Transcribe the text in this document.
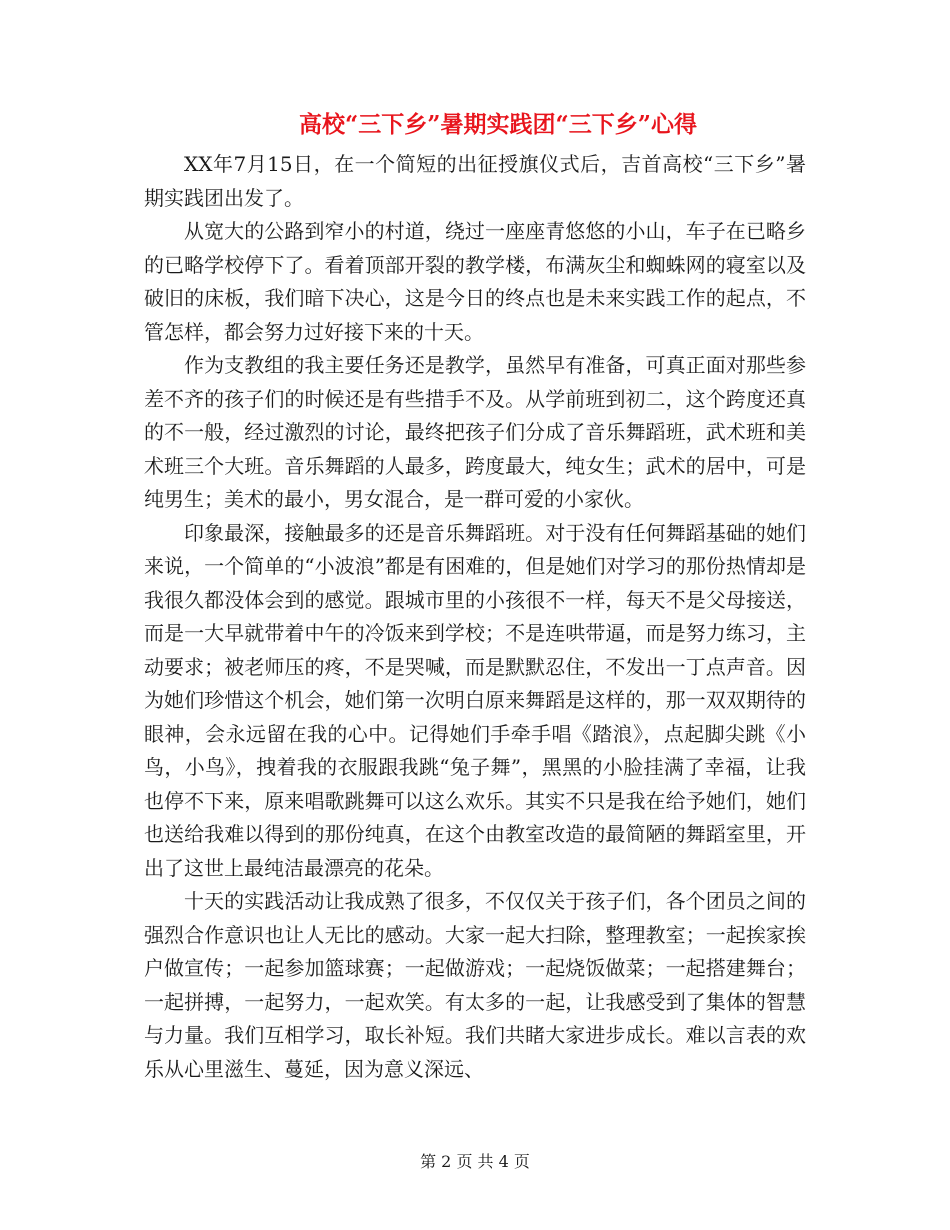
高校“三下乡”暑期实践团“三下乡”心得

XX年7月15日，在一个简短的出征授旗仪式后，吉首高校“三下乡”暑期实践团出发了。

从宽大的公路到窄小的村道，绕过一座座青悠悠的小山，车子在已略乡的已略学校停下了。看着顶部开裂的教学楼，布满灰尘和蜘蛛网的寝室以及破旧的床板，我们暗下决心，这是今日的终点也是未来实践工作的起点，不管怎样，都会努力过好接下来的十天。

作为支教组的我主要任务还是教学，虽然早有准备，可真正面对那些参差不齐的孩子们的时候还是有些措手不及。从学前班到初二，这个跨度还真的不一般，经过激烈的讨论，最终把孩子们分成了音乐舞蹈班，武术班和美术班三个大班。音乐舞蹈的人最多，跨度最大，纯女生；武术的居中，可是纯男生；美术的最小，男女混合，是一群可爱的小家伙。

印象最深，接触最多的还是音乐舞蹈班。对于没有任何舞蹈基础的她们来说，一个简单的“小波浪”都是有困难的，但是她们对学习的那份热情却是我很久都没体会到的感觉。跟城市里的小孩很不一样，每天不是父母接送，而是一大早就带着中午的冷饭来到学校；不是连哄带逼，而是努力练习，主动要求；被老师压的疼，不是哭喊，而是默默忍住，不发出一丁点声音。因为她们珍惜这个机会，她们第一次明白原来舞蹈是这样的，那一双双期待的眼神，会永远留在我的心中。记得她们手牵手唱《踏浪》，点起脚尖跳《小鸟，小鸟》，拽着我的衣服跟我跳“兔子舞”，黑黑的小脸挂满了幸福，让我也停不下来，原来唱歌跳舞可以这么欢乐。其实不只是我在给予她们，她们也送给我难以得到的那份纯真，在这个由教室改造的最简陋的舞蹈室里，开出了这世上最纯洁最漂亮的花朵。

十天的实践活动让我成熟了很多，不仅仅关于孩子们，各个团员之间的强烈合作意识也让人无比的感动。大家一起大扫除，整理教室；一起挨家挨户做宣传；一起参加篮球赛；一起做游戏；一起烧饭做菜；一起搭建舞台；一起拼搏，一起努力，一起欢笑。有太多的一起，让我感受到了集体的智慧与力量。我们互相学习，取长补短。我们共睹大家进步成长。难以言表的欢乐从心里滋生、蔓延，因为意义深远、

第 2 页 共 4 页
